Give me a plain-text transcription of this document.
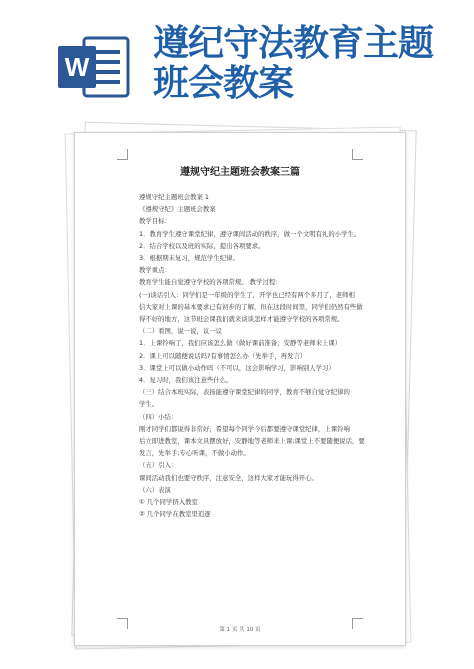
W
遵纪守法教育主题
班会教案
遵规守纪主题班会教案三篇

遵规守纪主题班会教案 1

《遵规守纪》主题班会教案

教学目标：

1．教育学生遵守课堂纪律，遵守课间活动的秩序，做一个文明有礼的小学生。

2．结合学校以及班的实际，提出各项要求。

3．根据期末复习，规范学生纪律。

教学重点：

教育学生能自觉遵守学校的各项常规。 教学过程：

(一)谈话引入：同学们是一年级的学生了，开学也已经有两个多月了，老师相

信大家对上课的基本要求已有初步的了解，但在这段时间里，同学们仍然有些做

得不好的地方，这节班会课我们就来谈谈怎样才能遵守学校的各项常规。

（二）看图，说一说，议一议

1．上课铃响了，我们应该怎么做（做好课前准备，安静等老师来上课）

2．课上可以随便说话吗?有事情怎么办（先举手，再发言）

3．课堂上可以做小动作吗（不可以，这会影响学习，影响别人学习）

4．复习时，我们该注意些什么。

（三）结合本班实际，表扬能遵守课堂纪律的同学，教育不够自觉守纪律的

学生。

（四）小结：

刚才同学们都说得非常好，希望每个同学今后都要遵守课堂纪律，上课铃响

后立即进教室，课本文具摆放好，安静地等老师来上课;课堂上不要随便说话，要

发言，先举手;专心听课，不做小动作。

（五）引入：

课间活动我们也要守秩序，注意安全，这样大家才能玩得开心。

（六）表演

① 几个同学挤入教室

② 几个同学在教室里追逐

第 1 页 共 10 页
